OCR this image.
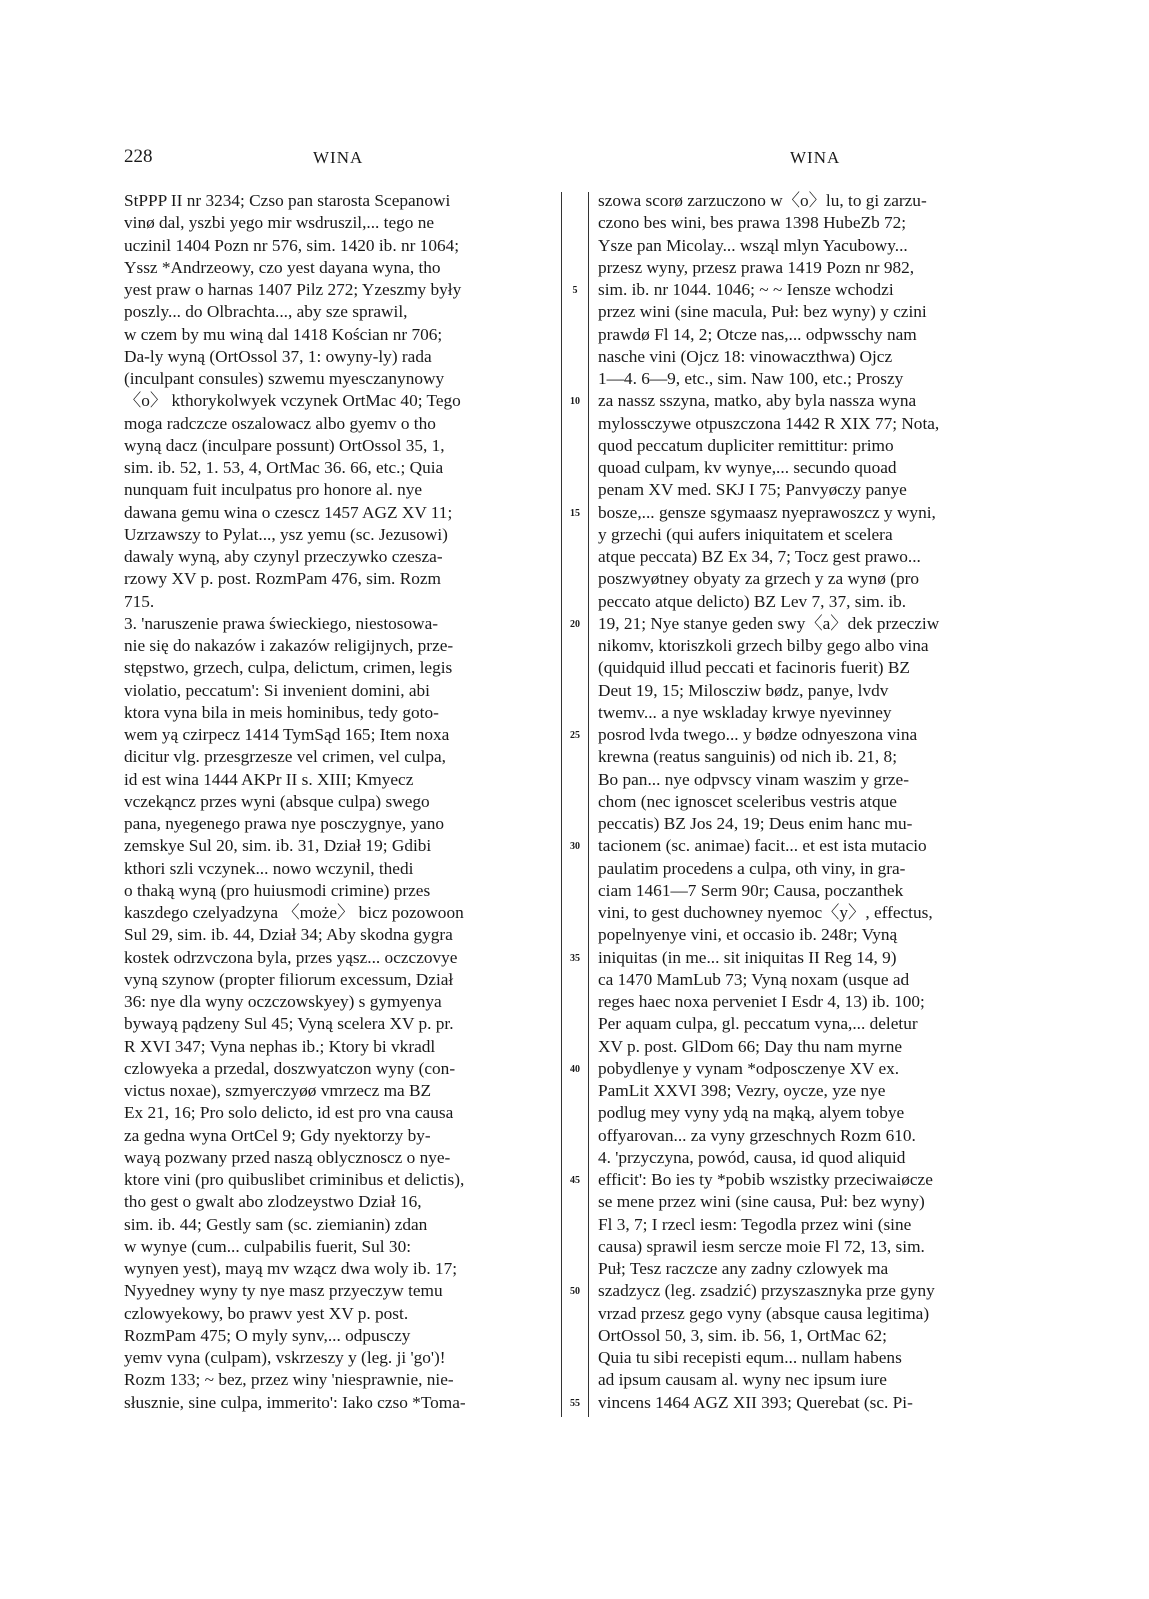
228	WINA	WINA
StPPP II nr 3234; Czso pan starosta Scepanowi
vinø dal, yszbi yego mir wsdruszil,... tego ne
uczinil 1404 Pozn nr 576, sim. 1420 ib. nr 1064;
Yssz *Andrzeowy, czo yest dayana wyna, tho
yest praw o harnas 1407 Pilz 272; Yzeszmy były
poszly... do Olbrachta..., aby sze sprawil,
w czem by mu winą dal 1418 Kościan nr 706;
Da-ly wyną (OrtOssol 37, 1: owyny-ly) rada
(inculpant consules) szwemu myesczanynowy
〈o〉 kthorykolwyek vczynek OrtMac 40; Tego
moga radczcze oszalowacz albo gyemv o tho
wyną dacz (inculpare possunt) OrtOssol 35, 1,
sim. ib. 52, 1. 53, 4, OrtMac 36. 66, etc.; Quia
nunquam fuit inculpatus pro honore al. nye
dawana gemu wina o czescz 1457 AGZ XV 11;
Uzrzawszy to Pylat..., ysz yemu (sc. Jezusowi)
dawaly wyną, aby czynyl przeczywko czesza-
rzowy XV p. post. RozmPam 476, sim. Rozm
715.
3. 'naruszenie prawa świeckiego, niestosowa-
nie się do nakazów i zakazów religijnych, prze-
stępstwo, grzech, culpa, delictum, crimen, legis
violatio, peccatum': Si invenient domini, abi
ktora vyna bila in meis hominibus, tedy goto-
wem yą czirpecz 1414 TymSąd 165; Item noxa
dicitur vlg. przesgrzesze vel crimen, vel culpa,
id est wina 1444 AKPr II s. XIII; Kmyecz
vczekąncz przes wyni (absque culpa) swego
pana, nyegenego prawa nye posczygnye, yano
zemskye Sul 20, sim. ib. 31, Dział 19; Gdibi
kthori szli vczynek... nowo wczynil, thedi
o thaką wyną (pro huiusmodi crimine) przes
kaszdego czelyadzyna 〈może〉 bicz pozowoon
Sul 29, sim. ib. 44, Dział 34; Aby skodna gygra
kostek odrzvczona byla, przes yąsz... oczczovye
vyną szynow (propter filiorum excessum, Dział
36: nye dla wyny oczczowskyey) s gymyenya
bywayą pądzeny Sul 45; Vyną scelera XV p. pr.
R XVI 347; Vyna nephas ib.; Ktory bi vkradl
czlowyeka a przedal, doszwyatczon wyny (con-
victus noxae), szmyerczyøø vmrzecz ma BZ
Ex 21, 16; Pro solo delicto, id est pro vna causa
za gedna wyna OrtCel 9; Gdy nyektorzy by-
wayą pozwany przed naszą oblycznoscz o nye-
ktore vini (pro quibuslibet criminibus et delictis),
tho gest o gwalt abo zlodzeystwo Dział 16,
sim. ib. 44; Gestly sam (sc. ziemianin) zdan
w wynye (cum... culpabilis fuerit, Sul 30:
wynyen yest), mayą mv wząсz dwa woly ib. 17;
Nyyedney wyny ty nye masz przyeczyw temu
czlowyekowy, bo prawv yest XV p. post.
RozmPam 475; O myly synv,... odpusczy
yemv vyna (culpam), vskrzeszy y (leg. ji 'go')!
Rozm 133; ~ bez, przez winy 'niesprawnie, nie-
słusznie, sine culpa, immerito': Iako czso *Toma-
5
10
15
20
25
30
35
40
45
50
55
szowa scorø zarzuczono w〈o〉lu, to gi zarzu-
czono bes wini, bes prawa 1398 HubeZb 72;
Ysze pan Micolay... wsząl mlyn Yacubowy...
przesz wyny, przesz prawa 1419 Pozn nr 982,
sim. ib. nr 1044. 1046; ~ ~ Iensze wchodzi
przez wini (sine macula, Puł: bez wyny) y czini
prawdø Fl 14, 2; Otcze nas,... odpwsschy nam
nasche vini (Ojcz 18: vinowaczthwa) Ojcz
1—4. 6—9, etc., sim. Naw 100, etc.; Proszy
za nassz sszyna, matko, aby byla nassza wyna
mylossczywe otpuszczona 1442 R XIX 77; Nota,
quod peccatum dupliciter remittitur: primo
quoad culpam, kv wynye,... secundo quoad
penam XV med. SKJ I 75; Panvyøczy panye
bosze,... gensze sgymaasz nyeprawoszcz y wyni,
y grzechi (qui aufers iniquitatem et scelera
atque peccata) BZ Ex 34, 7; Tocz gest prawo...
poszwyøtney obyaty za grzech y za wynø (pro
peccato atque delicto) BZ Lev 7, 37, sim. ib.
19, 21; Nye stanye geden swy〈a〉dek przecziw
nikomv, ktoriszkoli grzech bilby gego albo vina
(quidquid illud peccati et facinoris fuerit) BZ
Deut 19, 15; Miloscziw bødz, panye, lvdv
twemv... a nye wskladay krwye nyevinney
posrod lvda twego... y bødze odnyeszona vina
krewna (reatus sanguinis) od nich ib. 21, 8;
Bo pan... nye odpvscy vinam waszim y grze-
chom (nec ignoscet sceleribus vestris atque
peccatis) BZ Jos 24, 19; Deus enim hanc mu-
tacionem (sc. animae) facit... et est ista mutacio
paulatim procedens a culpa, oth viny, in gra-
ciam 1461—7 Serm 90r; Causa, poczanthek
vini, to gest duchowney nyemoc〈y〉, effectus,
popelnyenye vini, et occasio ib. 248r; Vyną
iniquitas (in me... sit iniquitas II Reg 14, 9)
ca 1470 MamLub 73; Vyną noxam (usque ad
reges haec noxa perveniet I Esdr 4, 13) ib. 100;
Per aquam culpa, gl. peccatum vyna,... deletur
XV p. post. GlDom 66; Day thu nam myrne
pobydlenye y vynam *odposczenye XV ex.
PamLit XXVI 398; Vezry, oycze, yze nye
podlug mey vyny ydą na mąką, alyem tobye
offyarovan... za vyny grzeschnych Rozm 610.
4. 'przyczyna, powód, causa, id quod aliquid
efficit': Bo ies ty *pobib wszistky przeciwaiøcze
se mene przez wini (sine causa, Puł: bez wyny)
Fl 3, 7; I rzecl iesm: Tegodla przez wini (sine
causa) sprawil iesm sercze moie Fl 72, 13, sim.
Puł; Tesz raczcze any zadny czlowyek ma
szadzycz (leg. zsadzić) przyszasznyka prze gyny
vrzad przesz gego vyny (absque causa legitima)
OrtOssol 50, 3, sim. ib. 56, 1, OrtMac 62;
Quia tu sibi recepisti equm... nullam habens
ad ipsum causam al. wyny nec ipsum iure
vincens 1464 AGZ XII 393; Querebat (sc. Pi-
